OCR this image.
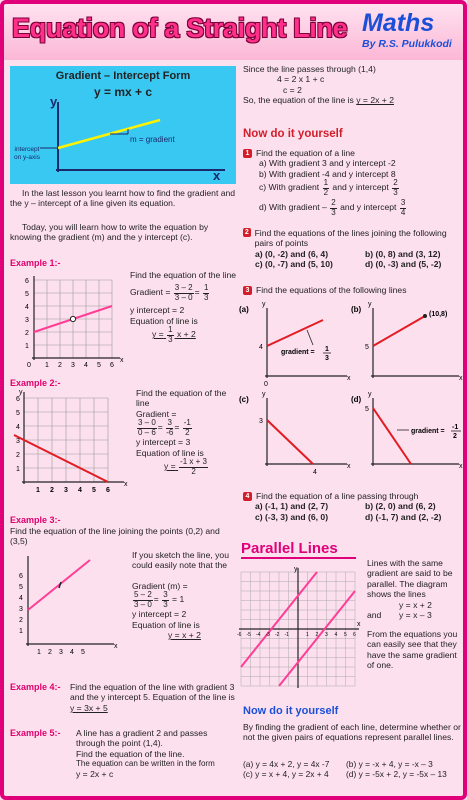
Equation of a Straight Line Maths
By R.S. Pulukkodi
Gradient – Intercept Form
y = mx + c
y
x
m = gradient
intercept on y-axis
In the last lesson you learnt how to find the gradient and the y – intercept of a line given its equation.
Today, you will learn how to write the equation by knowing the gradient (m) and the y intercept (c).
Example 1:-
6
5
4
3
2
1
0 1 2 3 4 5 6
x
Find the equation of the line
Gradient = $\frac{3 - 2}{3 - 0} = \frac{1}{3}$
y intercept = 2
Equation of line is
$y = \frac{1}{3}$ x + 2
Example 2:-
y
6
5
4
3
2
1
1 2 3 4 5 6
x
Find the equation of the line
Gradient =
$\frac{3 - 0}{0 - 6} = \frac{3}{-6} = \frac{-1}{2}$
y intercept = 3
Equation of line is
$y = \frac{-1 x + 3}{2}$
Example 3:-
Find the equation of the line joining the points (0,2) and (3,5)
6
5
4
3
2
1
1 2 3 4 5
x
If you sketch the line, you could easily note that the
Gradient (m) =
$\frac{5 - 2}{3 - 0} = \frac{3}{3} = 1$
y intercept = 2
Equation of line is
y = x + 2
Example 4:- Find the equation of the line with gradient 3 and the y intercept 5. Equation of the line is y = 3x + 5
Example 5:- A line has a gradient 2 and passes through the point (1,4).
Find the equation of the line.
The equation can be written in the form
y = 2x + c
Since the line passes through (1,4)
4 = 2 x 1 + c
c = 2
So, the equation of the line is y = 2x + 2
Now do it yourself
1 Find the equation of a line
a) With gradient 3 and y intercept -2
b) With gradient -4 and y intercept 8
c) With gradient $\frac{1}{2}$ and y intercept $\frac{2}{3}$
d) With gradient – $\frac{2}{3}$ and y intercept $\frac{3}{4}$
2 Find the equations of the lines joining the following pairs of points
a) (0, -2) and (6, 4)	b) (0, 8) and (3, 12)
c) (0, -7) and (5, 10)	d) (0, -3) and (5, -2)
3 Find the equations of the following lines
(a)
y
4
0
x
gradient = 1
3
(b)
y
5
(10,8)
x
(c)
y
3
4
x
(d)
y
5
gradient =
-1
2
x
4 Find the equation of a line passing through
a) (-1, 1) and (2, 7)	b) (2, 0) and (6, 2)
c) (-3, 3) and (6, 0)	d) (-1, 7) and (2, -2)
Parallel Lines
y
-6 -5 -4 -3 -2 -1	1 2 3 4 5 6
x
Lines with the same gradient are said to be parallel. The diagram shows the lines
y = x + 2
and y = x – 3
From the equations you can easily see that they have the same gradient of one.
Now do it yourself
By finding the gradient of each line, determine whether or not the given pairs of equations represent parallel lines.
(a) y = 4x + 2, y = 4x -7	(b) y = -x + 4, y = -x – 3
(c) y = x + 4, y = 2x + 4	(d) y = -5x + 2, y = -5x – 13
